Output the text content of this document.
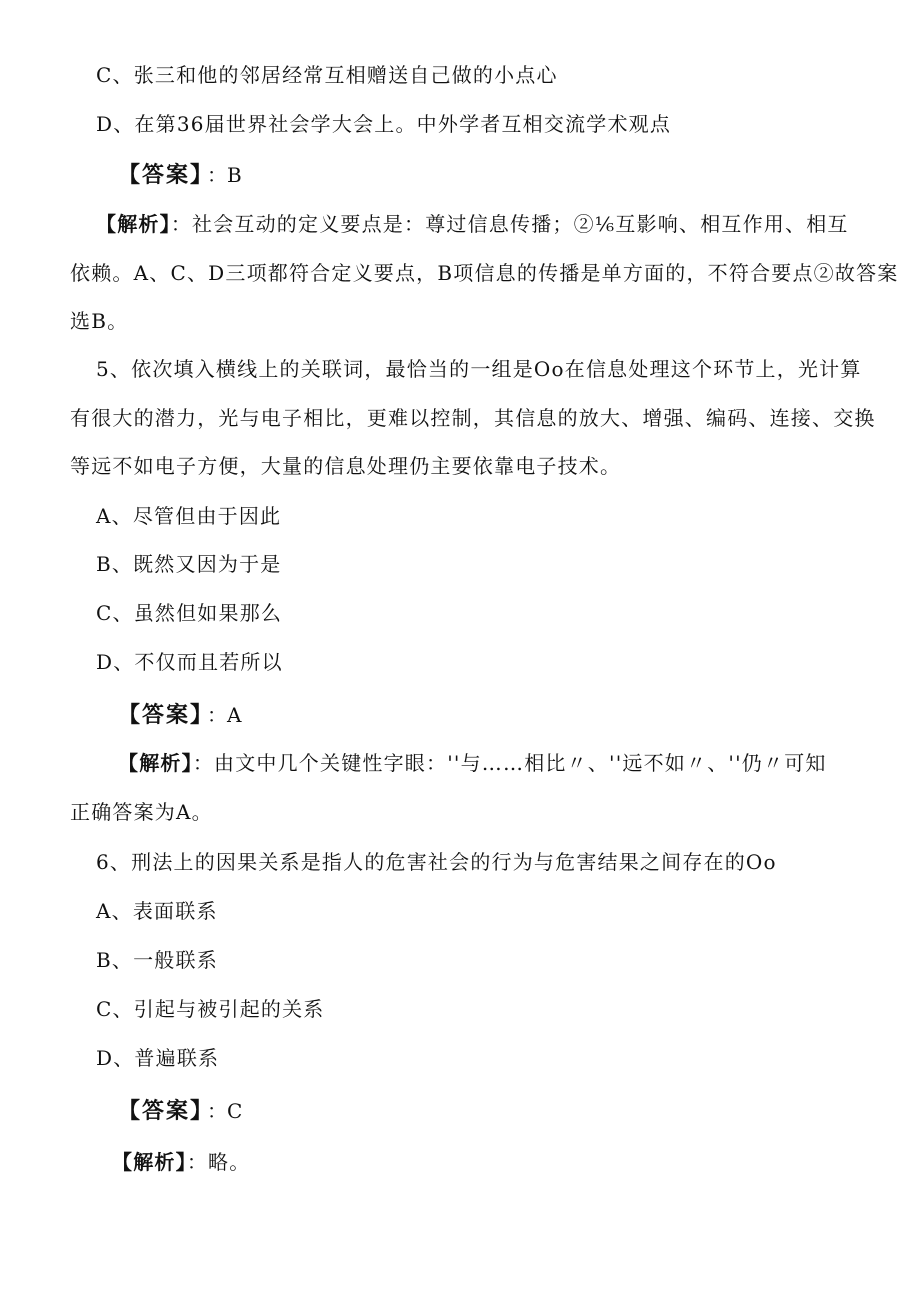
C、张三和他的邻居经常互相赠送自己做的小点心
D、在第36届世界社会学大会上。中外学者互相交流学术观点
【答案】 ：B
【解析】：社会互动的定义要点是：尊过信息传播；②⅙互影响、相互作用、相互
依赖。A、C、D三项都符合定义要点，B项信息的传播是单方面的，不符合要点②故答案
选B。
5、依次填入横线上的关联词，最恰当的一组是Oo在信息处理这个环节上，光计算
有很大的潜力，光与电子相比，更难以控制，其信息的放大、增强、编码、连接、交换
等远不如电子方便，大量的信息处理仍主要依靠电子技术。
A、尽管但由于因此
B、既然又因为于是
C、虽然但如果那么
D、不仅而且若所以
【答案】 ：A
【解析】：由文中几个关键性字眼：''与……相比〃、''远不如〃、''仍〃可知
正确答案为A。
6、刑法上的因果关系是指人的危害社会的行为与危害结果之间存在的Oo
A、表面联系
B、一般联系
C、引起与被引起的关系
D、普遍联系
【答案】 ：C
【解析】：略。
